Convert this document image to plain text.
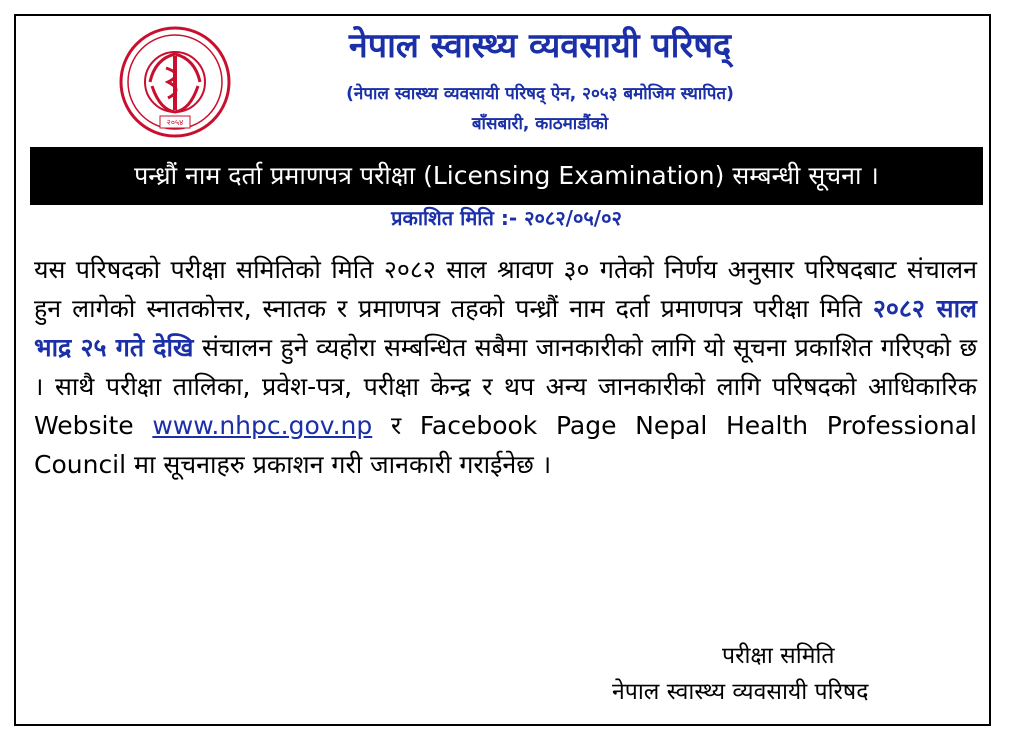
२०५४
नेपाल स्वास्थ्य व्यवसायी परिषद्
(नेपाल स्वास्थ्य व्यवसायी परिषद् ऐन, २०५३ बमोजिम स्थापित)
बाँसबारी, काठमाडौंको
पन्ध्रौं नाम दर्ता प्रमाणपत्र परीक्षा (Licensing Examination) सम्बन्धी सूचना ।
प्रकाशित मिति :- २०८२/०५/०२
यस परिषदको परीक्षा समितिको मिति २०८२ साल श्रावण ३० गतेको निर्णय अनुसार परिषदबाट संचालन हुन लागेको स्नातकोत्तर, स्नातक र प्रमाणपत्र तहको पन्ध्रौं नाम दर्ता प्रमाणपत्र परीक्षा मिति २०८२ साल भाद्र २५ गते देखि संचालन हुने व्यहोरा सम्बन्धित सबैमा जानकारीको लागि यो सूचना प्रकाशित गरिएको छ । साथै परीक्षा तालिका, प्रवेश-पत्र, परीक्षा केन्द्र र थप अन्य जानकारीको लागि परिषदको आधिकारिक Website www.nhpc.gov.np र Facebook Page Nepal Health Professional Council मा सूचनाहरु प्रकाशन गरी जानकारी गराईनेछ ।
परीक्षा समिति
नेपाल स्वास्थ्य व्यवसायी परिषद
